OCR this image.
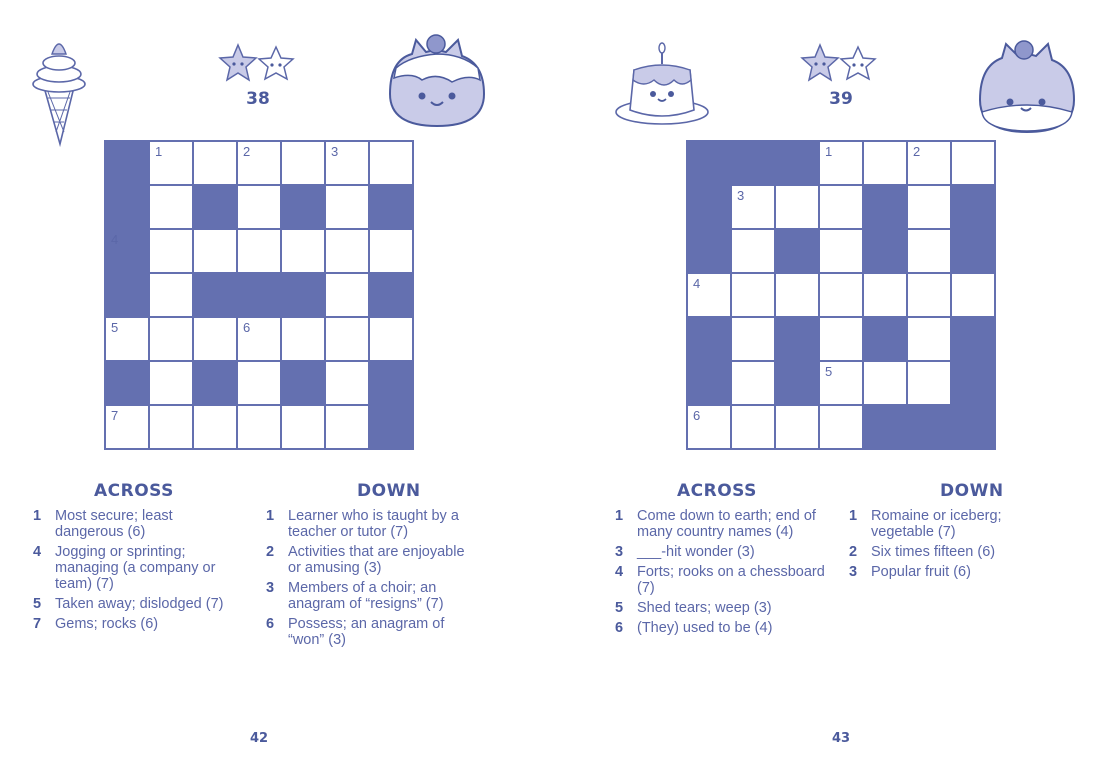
38
1	2	3
4
5	6
7
ACROSS	DOWN
1 Most secure; least dangerous (6)
4 Jogging or sprinting; managing (a company or team) (7)
5 Taken away; dislodged (7)
7 Gems; rocks (6)
1 Learner who is taught by a teacher or tutor (7)
2 Activities that are enjoyable or amusing (3)
3 Members of a choir; an anagram of “resigns” (7)
6 Possess; an anagram of “won” (3)
42
39
1	2
3
4
5
6
ACROSS	DOWN
1 Come down to earth; end of many country names (4)
3 ___-hit wonder (3)
4 Forts; rooks on a chessboard (7)
5 Shed tears; weep (3)
6 (They) used to be (4)
1 Romaine or iceberg; vegetable (7)
2 Six times fifteen (6)
3 Popular fruit (6)
43
